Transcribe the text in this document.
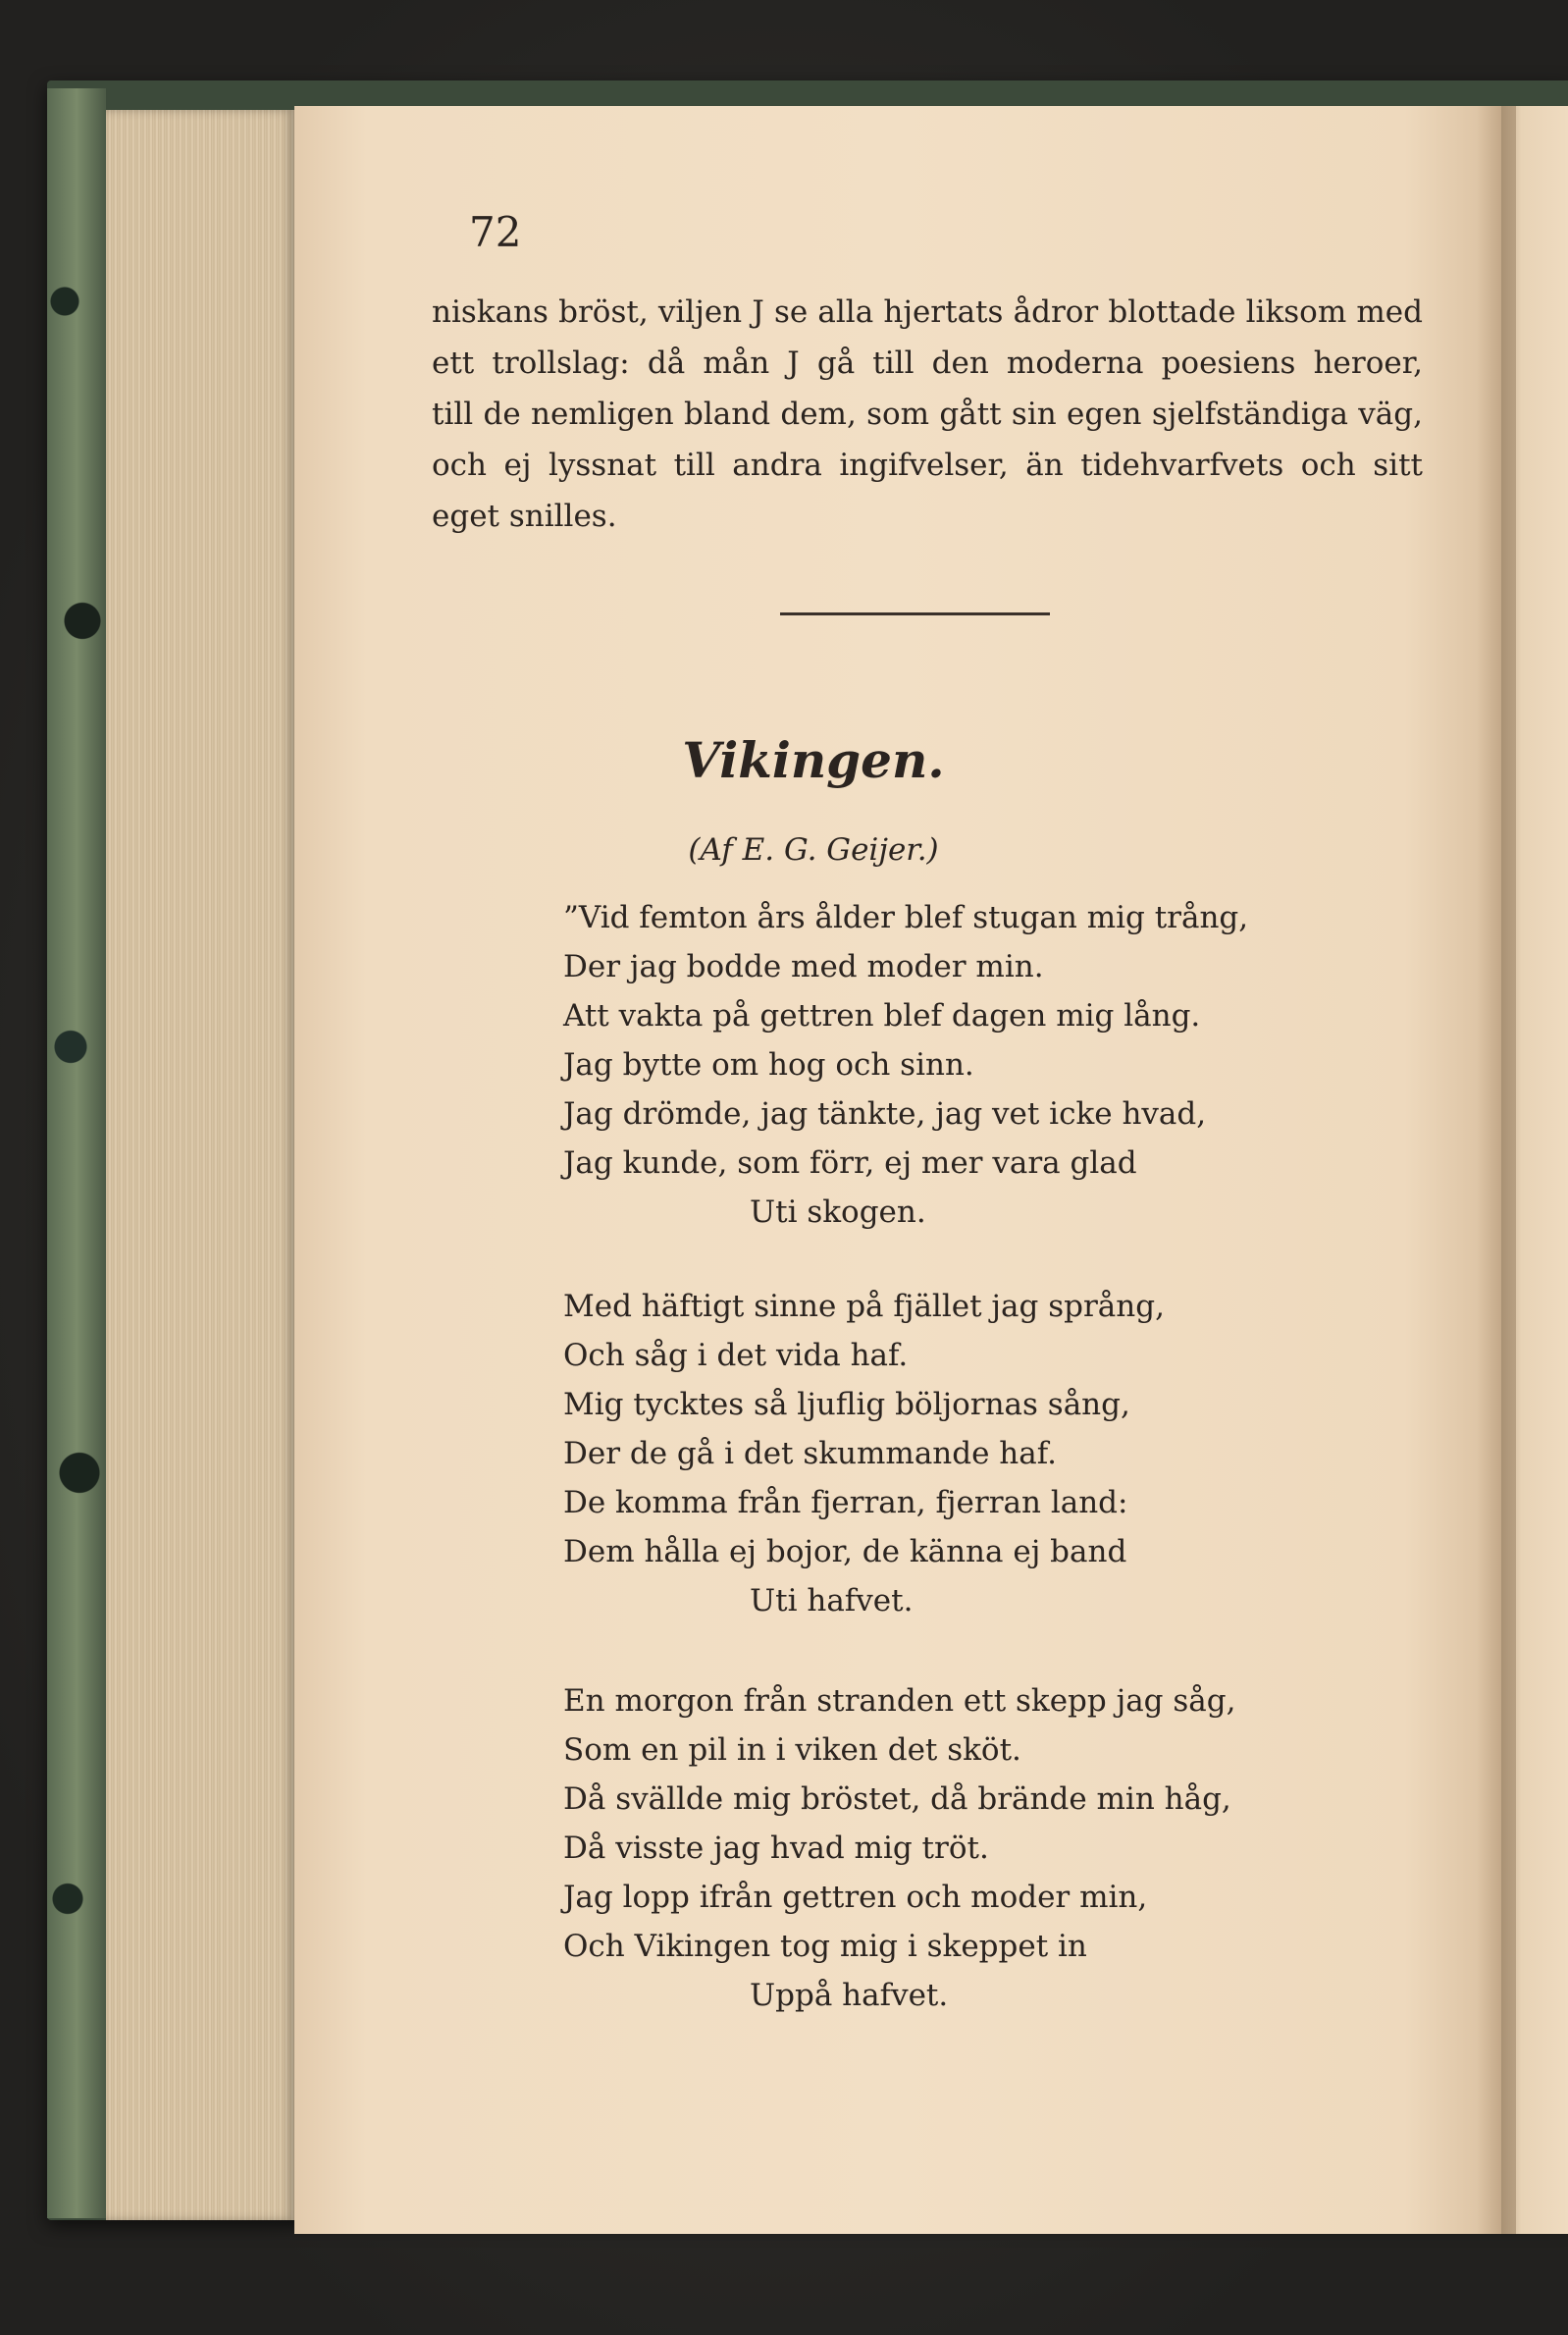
72
niskans bröst, viljen J se alla hjertats ådror blottade liksom med
ett trollslag: då mån J gå till den moderna poesiens heroer,
till de nemligen bland dem, som gått sin egen sjelfständiga väg,
och ej lyssnat till andra ingifvelser, än tidehvarfvets och sitt
eget snilles.
Vikingen.
(Af E. G. Geijer.)
”Vid femton års ålder blef stugan mig trång,
Der jag bodde med moder min.
Att vakta på gettren blef dagen mig lång.
Jag bytte om hog och sinn.
Jag drömde, jag tänkte, jag vet icke hvad,
Jag kunde, som förr, ej mer vara glad
Uti skogen.
Med häftigt sinne på fjället jag språng,
Och såg i det vida haf.
Mig tycktes så ljuflig böljornas sång,
Der de gå i det skummande haf.
De komma från fjerran, fjerran land:
Dem hålla ej bojor, de känna ej band
Uti hafvet.
En morgon från stranden ett skepp jag såg,
Som en pil in i viken det sköt.
Då svällde mig bröstet, då brände min håg,
Då visste jag hvad mig tröt.
Jag lopp ifrån gettren och moder min,
Och Vikingen tog mig i skeppet in
Uppå hafvet.
